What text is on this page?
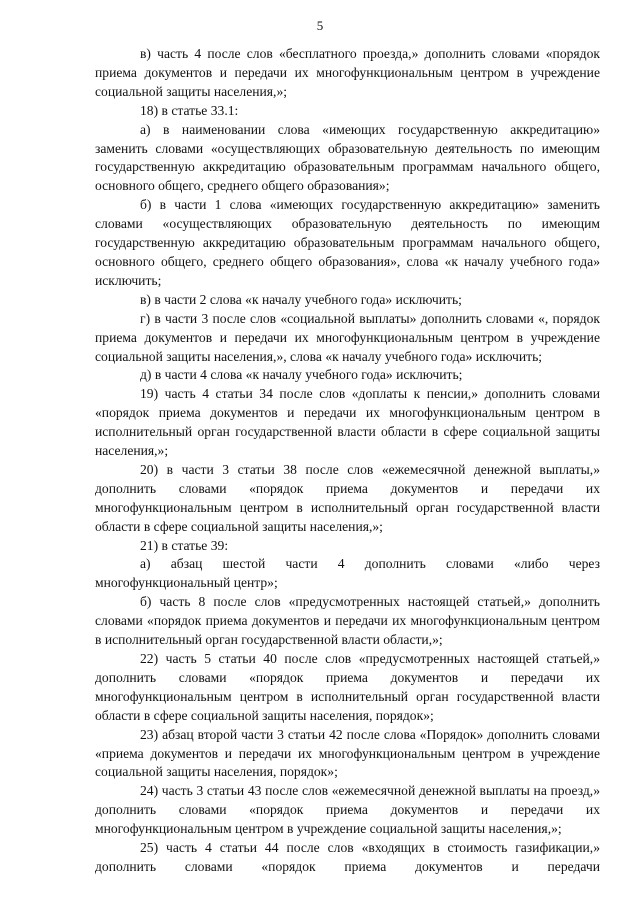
5

в) часть 4 после слов «бесплатного проезда,» дополнить словами «порядок приема документов и передачи их многофункциональным центром в учреждение социальной защиты населения,»;

18) в статье 33.1:

а) в наименовании слова «имеющих государственную аккредитацию» заменить словами «осуществляющих образовательную деятельность по имеющим государственную аккредитацию образовательным программам начального общего, основного общего, среднего общего образования»;

б) в части 1 слова «имеющих государственную аккредитацию» заменить словами «осуществляющих образовательную деятельность по имеющим государственную аккредитацию образовательным программам начального общего, основного общего, среднего общего образования», слова «к началу учебного года» исключить;

в) в части 2 слова «к началу учебного года» исключить;

г) в части 3 после слов «социальной выплаты» дополнить словами «, порядок приема документов и передачи их многофункциональным центром в учреждение социальной защиты населения,», слова «к началу учебного года» исключить;

д) в части 4 слова «к началу учебного года» исключить;

19) часть 4 статьи 34 после слов «доплаты к пенсии,» дополнить словами «порядок приема документов и передачи их многофункциональным центром в исполнительный орган государственной власти области в сфере социальной защиты населения,»;

20) в части 3 статьи 38 после слов «ежемесячной денежной выплаты,» дополнить словами «порядок приема документов и передачи их многофункциональным центром в исполнительный орган государственной власти области в сфере социальной защиты населения,»;

21) в статье 39:

а) абзац шестой части 4 дополнить словами «либо через многофункциональный центр»;

б) часть 8 после слов «предусмотренных настоящей статьей,» дополнить словами «порядок приема документов и передачи их многофункциональным центром в исполнительный орган государственной власти области,»;

22) часть 5 статьи 40 после слов «предусмотренных настоящей статьей,» дополнить словами «порядок приема документов и передачи их многофункциональным центром в исполнительный орган государственной власти области в сфере социальной защиты населения, порядок»;

23) абзац второй части 3 статьи 42 после слова «Порядок» дополнить словами «приема документов и передачи их многофункциональным центром в учреждение социальной защиты населения, порядок»;

24) часть 3 статьи 43 после слов «ежемесячной денежной выплаты на проезд,» дополнить словами «порядок приема документов и передачи их многофункциональным центром в учреждение социальной защиты населения,»;

25) часть 4 статьи 44 после слов «входящих в стоимость газификации,» дополнить словами «порядок приема документов и передачи
